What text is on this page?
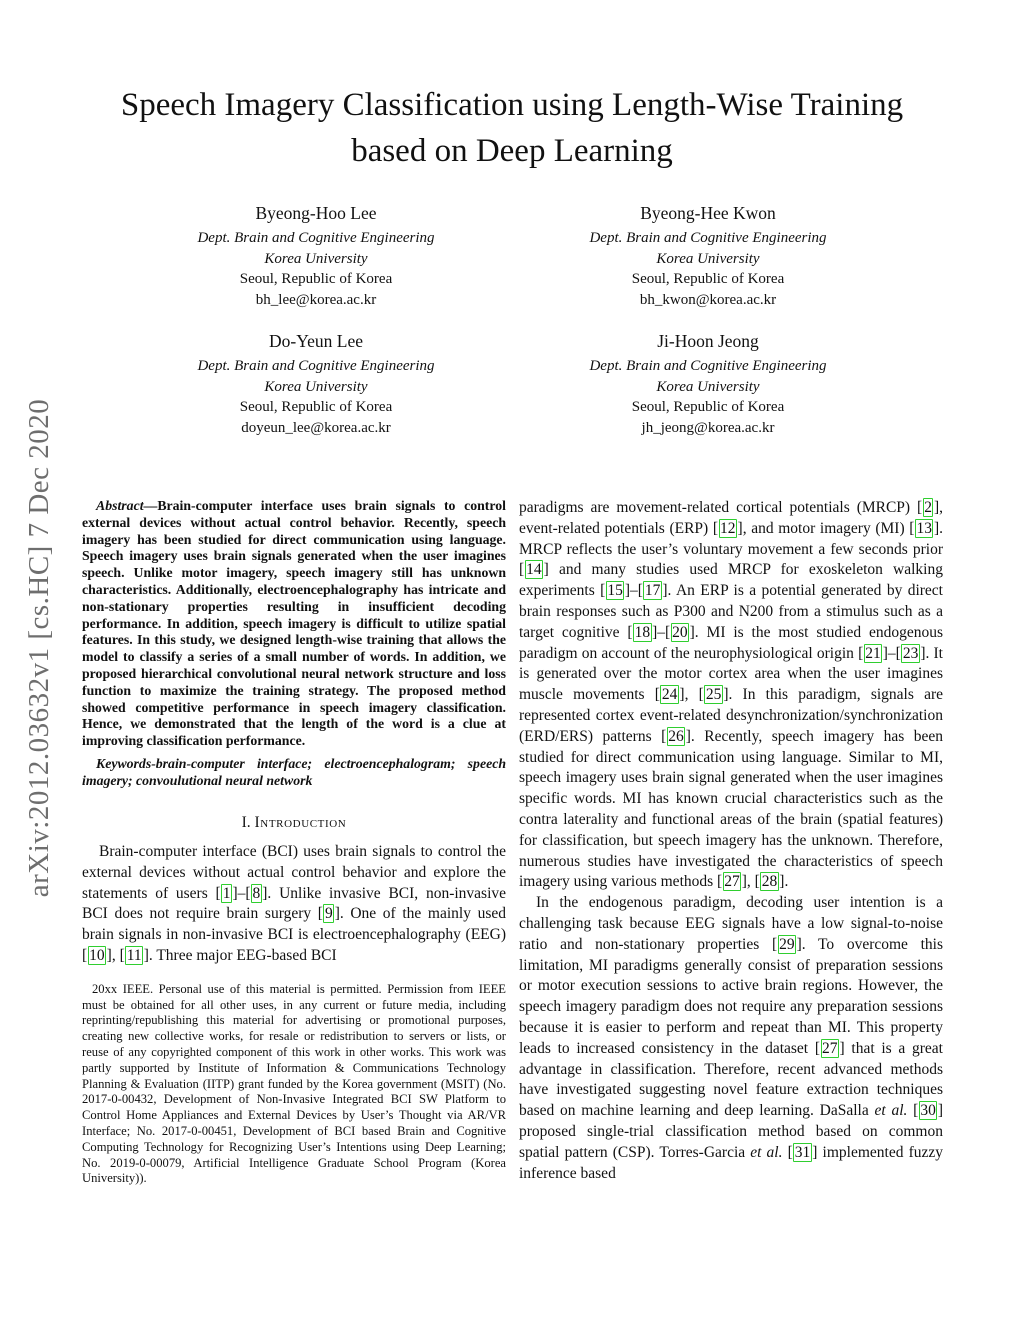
arXiv:2012.03632v1 [cs.HC] 7 Dec 2020
Speech Imagery Classification using Length-Wise Training based on Deep Learning
Byeong-Hoo Lee
Dept. Brain and Cognitive Engineering
Korea University
Seoul, Republic of Korea
bh_lee@korea.ac.kr
Byeong-Hee Kwon
Dept. Brain and Cognitive Engineering
Korea University
Seoul, Republic of Korea
bh_kwon@korea.ac.kr
Do-Yeun Lee
Dept. Brain and Cognitive Engineering
Korea University
Seoul, Republic of Korea
doyeun_lee@korea.ac.kr
Ji-Hoon Jeong
Dept. Brain and Cognitive Engineering
Korea University
Seoul, Republic of Korea
jh_jeong@korea.ac.kr

Abstract—Brain-computer interface uses brain signals to control external devices without actual control behavior. Recently, speech imagery has been studied for direct communication using language. Speech imagery uses brain signals generated when the user imagines speech. Unlike motor imagery, speech imagery still has unknown characteristics. Additionally, electroencephalography has intricate and non-stationary properties resulting in insufficient decoding performance. In addition, speech imagery is difficult to utilize spatial features. In this study, we designed length-wise training that allows the model to classify a series of a small number of words. In addition, we proposed hierarchical convolutional neural network structure and loss function to maximize the training strategy. The proposed method showed competitive performance in speech imagery classification. Hence, we demonstrated that the length of the word is a clue at improving classification performance.

Keywords-brain-computer interface; electroencephalogram; speech imagery; convoulutional neural network

I. Introduction

Brain-computer interface (BCI) uses brain signals to control the external devices without actual control behavior and explore the statements of users [ 1 ]–[ 8 ]. Unlike invasive BCI, non-invasive BCI does not require brain surgery [ 9 ]. One of the mainly used brain signals in non-invasive BCI is electroencephalography (EEG) [ 10 ], [ 11 ]. Three major EEG-based BCI

20xx IEEE. Personal use of this material is permitted. Permission from IEEE must be obtained for all other uses, in any current or future media, including reprinting/republishing this material for advertising or promotional purposes, creating new collective works, for resale or redistribution to servers or lists, or reuse of any copyrighted component of this work in other works. This work was partly supported by Institute of Information & Communications Technology Planning & Evaluation (IITP) grant funded by the Korea government (MSIT) (No. 2017-0-00432, Development of Non-Invasive Integrated BCI SW Platform to Control Home Appliances and External Devices by User’s Thought via AR/VR Interface; No. 2017-0-00451, Development of BCI based Brain and Cognitive Computing Technology for Recognizing User’s Intentions using Deep Learning; No. 2019-0-00079, Artificial Intelligence Graduate School Program (Korea University)).

paradigms are movement-related cortical potentials (MRCP) [ 2 ], event-related potentials (ERP) [ 12 ], and motor imagery (MI) [ 13 ]. MRCP reflects the user’s voluntary movement a few seconds prior [ 14 ] and many studies used MRCP for exoskeleton walking experiments [ 15 ]–[ 17 ]. An ERP is a potential generated by direct brain responses such as P300 and N200 from a stimulus such as a target cognitive [ 18 ]–[ 20 ]. MI is the most studied endogenous paradigm on account of the neurophysiological origin [ 21 ]–[ 23 ]. It is generated over the motor cortex area when the user imagines muscle movements [ 24 ], [ 25 ]. In this paradigm, signals are represented cortex event-related desynchronization/synchronization (ERD/ERS) patterns [ 26 ]. Recently, speech imagery has been studied for direct communication using language. Similar to MI, speech imagery uses brain signal generated when the user imagines specific words. MI has known crucial characteristics such as the contra laterality and functional areas of the brain (spatial features) for classification, but speech imagery has the unknown. Therefore, numerous studies have investigated the characteristics of speech imagery using various methods [ 27 ], [ 28 ].

In the endogenous paradigm, decoding user intention is a challenging task because EEG signals have a low signal-to-noise ratio and non-stationary properties [ 29 ]. To overcome this limitation, MI paradigms generally consist of preparation sessions or motor execution sessions to active brain regions. However, the speech imagery paradigm does not require any preparation sessions because it is easier to perform and repeat than MI. This property leads to increased consistency in the dataset [ 27 ] that is a great advantage in classification. Therefore, recent advanced methods have investigated suggesting novel feature extraction techniques based on machine learning and deep learning. DaSalla et al. [ 30 ] proposed single-trial classification method based on common spatial pattern (CSP). Torres-Garcia et al. [ 31 ] implemented fuzzy inference based
